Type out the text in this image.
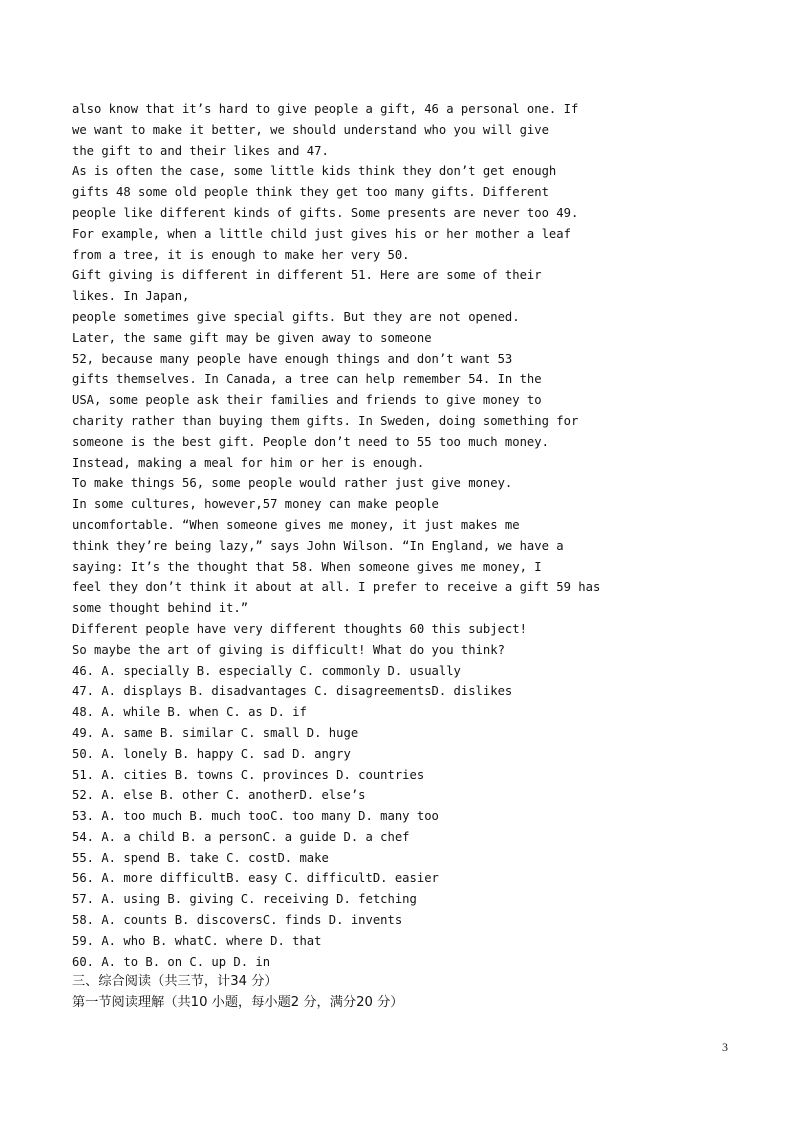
also know that it’s hard to give people a gift, 46 a personal one. If
we want to make it better, we should understand who you will give
the gift to and their likes and 47.
As is often the case, some little kids think they don’t get enough
gifts 48 some old people think they get too many gifts. Different
people like different kinds of gifts. Some presents are never too 49.
For example, when a little child just gives his or her mother a leaf
from a tree, it is enough to make her very 50.
Gift giving is different in different 51. Here are some of their
likes. In Japan,
people sometimes give special gifts. But they are not opened.
Later, the same gift may be given away to someone
52, because many people have enough things and don’t want 53
gifts themselves. In Canada, a tree can help remember 54. In the
USA, some people ask their families and friends to give money to
charity rather than buying them gifts. In Sweden, doing something for
someone is the best gift. People don’t need to 55 too much money.
Instead, making a meal for him or her is enough.
To make things 56, some people would rather just give money.
In some cultures, however,57 money can make people
uncomfortable. “When someone gives me money, it just makes me
think they’re being lazy,” says John Wilson. “In England, we have a
saying: It’s the thought that 58. When someone gives me money, I
feel they don’t think it about at all. I prefer to receive a gift 59 has
some thought behind it.”
Different people have very different thoughts 60 this subject!
So maybe the art of giving is difficult! What do you think?
46. A. specially B. especially C. commonly D. usually
47. A. displays B. disadvantages C. disagreementsD. dislikes
48. A. while B. when C. as D. if
49. A. same B. similar C. small D. huge
50. A. lonely B. happy C. sad D. angry
51. A. cities B. towns C. provinces D. countries
52. A. else B. other C. anotherD. else’s
53. A. too much B. much tooC. too many D. many too
54. A. a child B. a personC. a guide D. a chef
55. A. spend B. take C. costD. make
56. A. more difficultB. easy C. difficultD. easier
57. A. using B. giving C. receiving D. fetching
58. A. counts B. discoversC. finds D. invents
59. A. who B. whatC. where D. that
60. A. to B. on C. up D. in
三、综合阅读（共三节，计34 分）
第一节阅读理解（共10 小题，每小题2 分，满分20 分）
3
